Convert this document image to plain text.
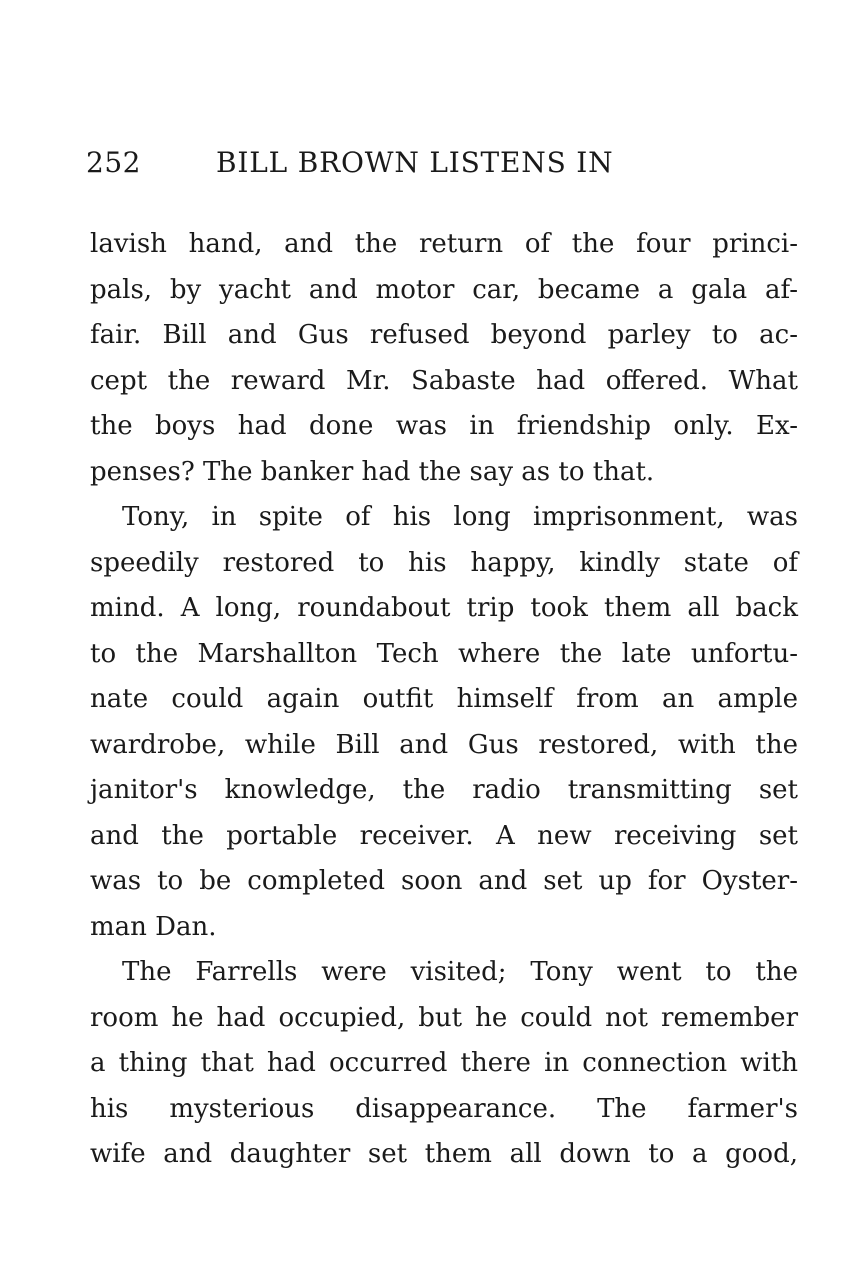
252	BILL BROWN LISTENS IN
lavish hand, and the return of the four princi-
pals, by yacht and motor car, became a gala af-
fair. Bill and Gus refused beyond parley to ac-
cept the reward Mr. Sabaste had offered. What
the boys had done was in friendship only. Ex-
penses? The banker had the say as to that.
Tony, in spite of his long imprisonment, was
speedily restored to his happy, kindly state of
mind. A long, roundabout trip took them all back
to the Marshallton Tech where the late unfortu-
nate could again outfit himself from an ample
wardrobe, while Bill and Gus restored, with the
janitor's knowledge, the radio transmitting set
and the portable receiver. A new receiving set
was to be completed soon and set up for Oyster-
man Dan.
The Farrells were visited; Tony went to the
room he had occupied, but he could not remember
a thing that had occurred there in connection with
his mysterious disappearance. The farmer's
wife and daughter set them all down to a good,
